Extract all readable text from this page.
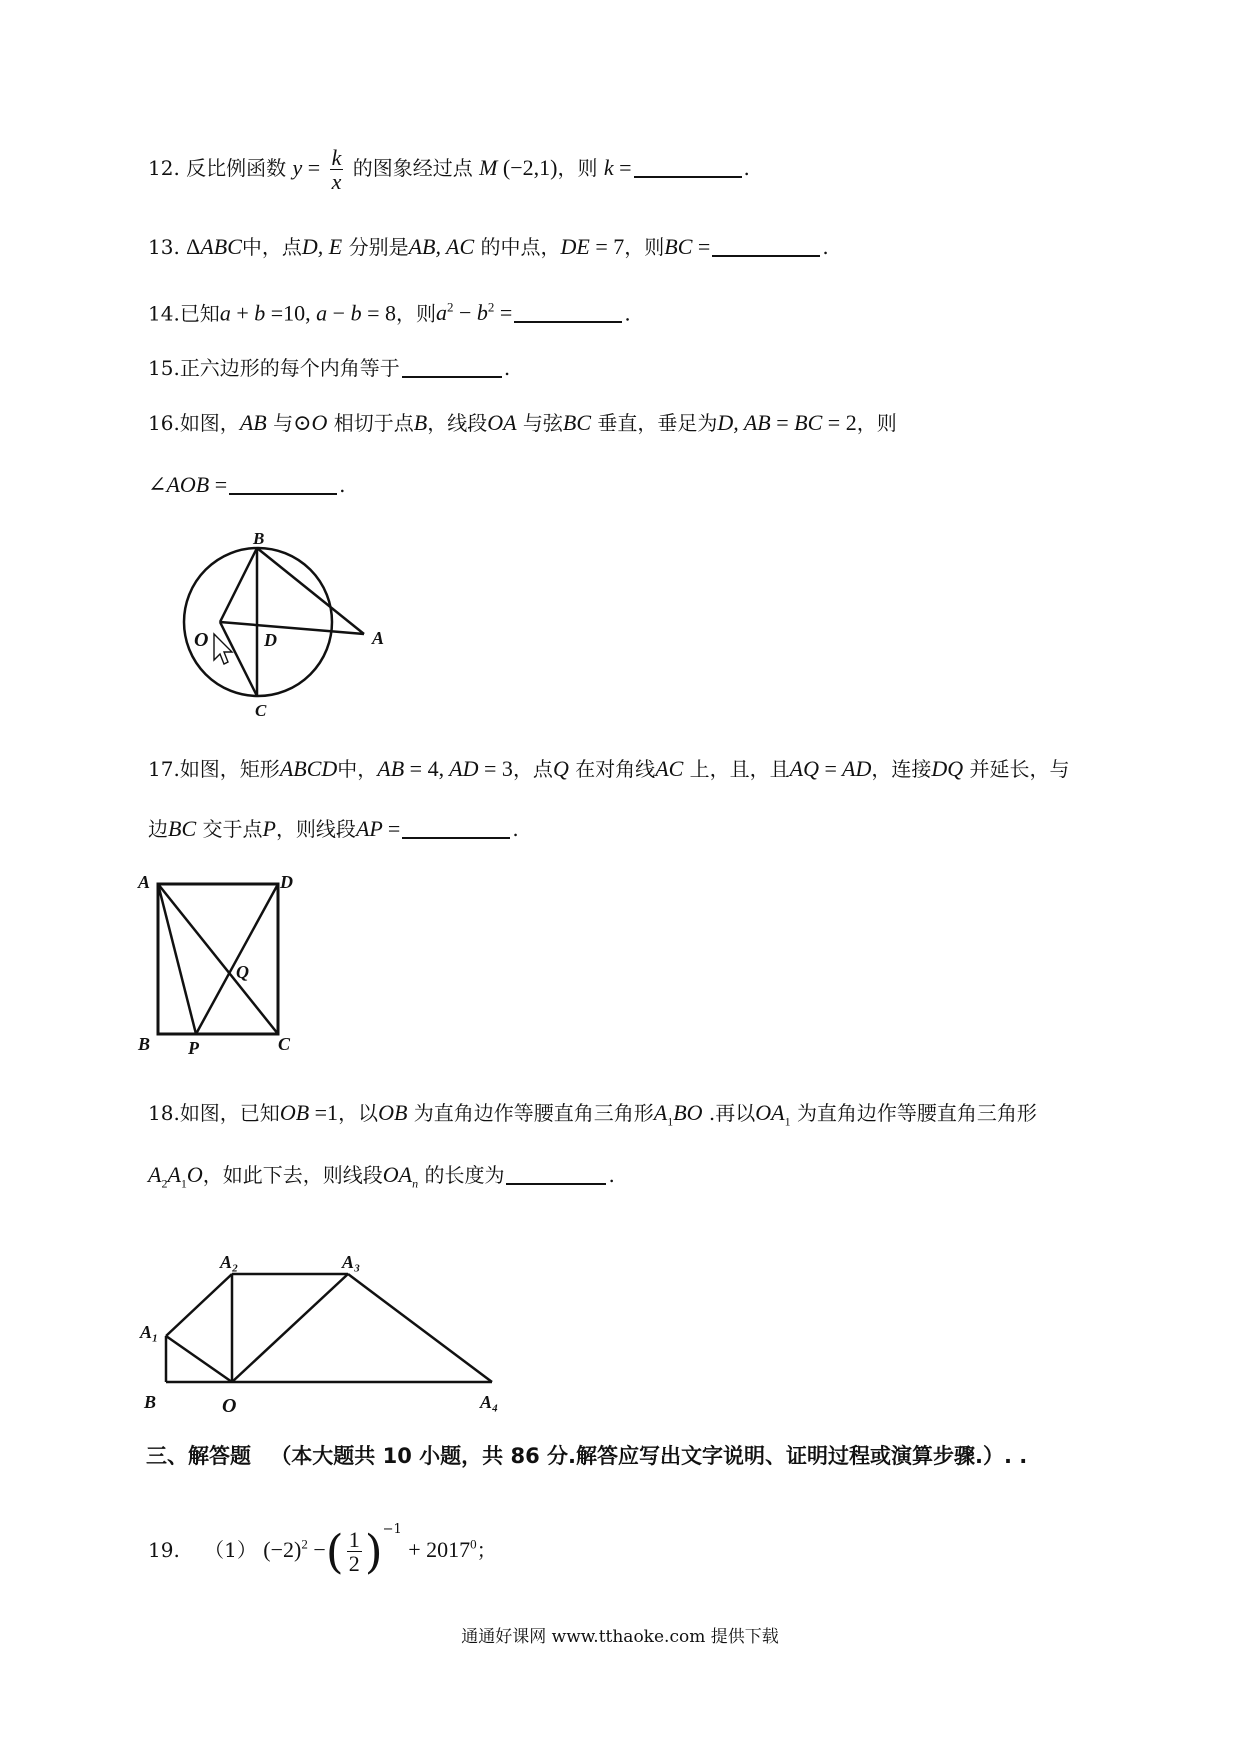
12. 反比例函数 $y = \frac{k}{x}$ 的图象经过点 M (−2,1)，则 k =	.
13. ΔABC中，点D, E 分别是AB, AC 的中点，DE = 7，则BC =	.
14.已知a + b =10, a − b = 8，则$a^2 - b^2$ =	.
15.正六边形的每个内角等于	.
16.如图，AB 与⊙O 相切于点B，线段OA 与弦BC 垂直，垂足为D, AB = BC = 2，则
∠AOB =	.
B
O	D	A
C
17.如图，矩形ABCD中，AB = 4, AD = 3，点Q 在对角线AC 上，且，且AQ = AD，连接DQ 并延长，与
边BC 交于点P，则线段AP =	.
A	D
Q
B P	C
18.如图，已知OB =1，以OB 为直角边作等腰直角三角形$A_1BO$ .再以$OA_1$ 为直角边作等腰直角三角形
$A_2A_1O$，如此下去，则线段$OA_n$ 的长度为	.
A₁
A₂	A₃
A₄
B	O
三、解答题 （本大题共 10 小题，共 86 分.解答应写出文字说明、证明过程或演算步骤.）. .
19. （1） $(-2)^2$ −( $\frac{1}{2} )^{-1} + 2017^0$；
通通好课网 www.tthaoke.com 提供下载
